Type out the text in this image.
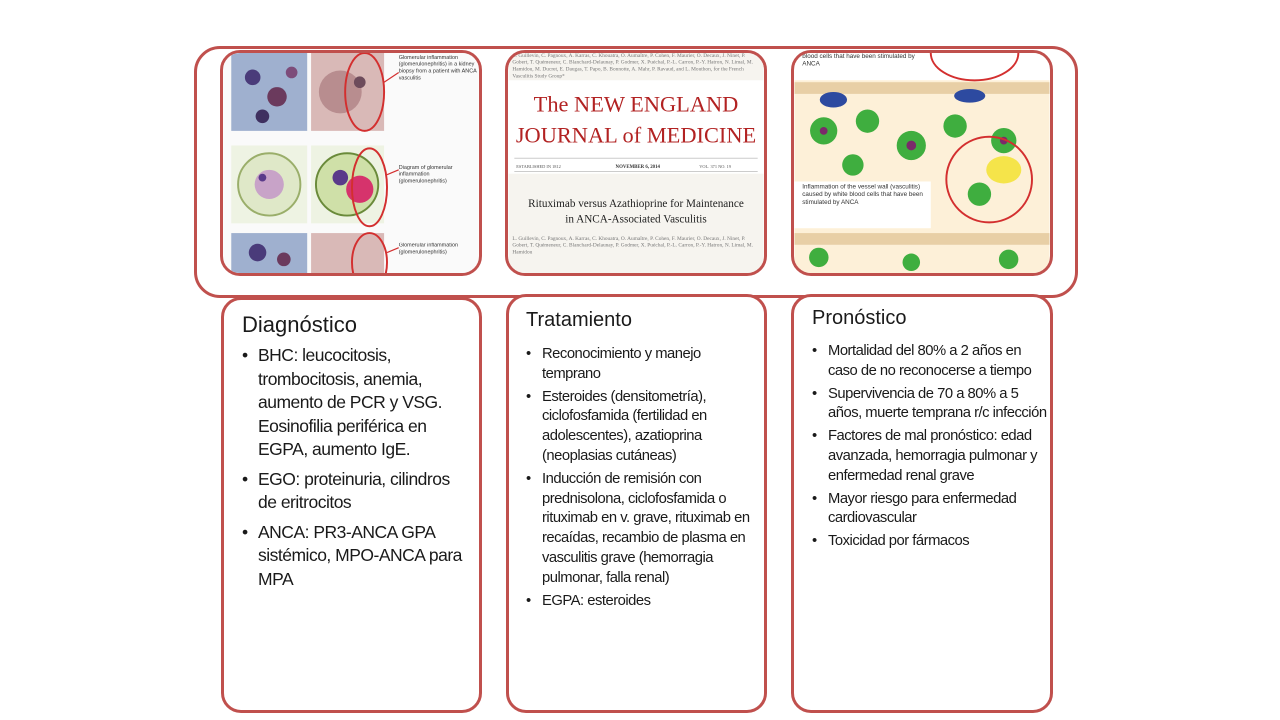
Glomerular inflammation (glomerulonephritis) in a kidney biopsy from a patient with ANCA vasculitis
Diagram of glomerular inflammation (glomerulonephritis)
Glomerular inflammation (glomerulonephritis)
L. Guillevin, C. Pagnoux, A. Karras, C. Khouatra, O. Aumaître, P. Cohen, F. Maurier, O. Decaux, J. Ninet, P. Gobert, T. Quémeneur, C. Blanchard-Delaunay, P. Godmer, X. Puéchal, P.-L. Carron, P.-Y. Hatron, N. Limal, M. Hamidou, M. Ducret, E. Daugas, T. Papo, B. Bonnotte, A. Mahr, P. Ravaud, and L. Mouthon, for the French Vasculitis Study Group*
The NEW ENGLAND
JOURNAL of MEDICINE
ESTABLISHED IN 1812	NOVEMBER 6, 2014	VOL. 371 NO. 19
Rituximab versus Azathioprine for Maintenance
in ANCA-Associated Vasculitis
L. Guillevin, C. Pagnoux, A. Karras, C. Khouatra, O. Aumaître, P. Cohen, F. Maurier, O. Decaux, J. Ninet, P. Gobert, T. Quémeneur, C. Blanchard-Delaunay, P. Godmer, X. Puéchal, P.-L. Carron, P.-Y. Hatron, N. Limal, M. Hamidou
blood cells that have been stimulated by ANCA
Inflammation of the vessel wall (vasculitis) caused by white blood cells that have been stimulated by ANCA
Diagnóstico
• BHC: leucocitosis, trombocitosis, anemia, aumento de PCR y VSG. Eosinofilia periférica en EGPA, aumento IgE.
• EGO: proteinuria, cilindros de eritrocitos
• ANCA: PR3-ANCA GPA sistémico, MPO-ANCA para MPA
Tratamiento
• Reconocimiento y manejo temprano
• Esteroides (densitometría), ciclofosfamida (fertilidad en adolescentes), azatioprina (neoplasias cutáneas)
• Inducción de remisión con prednisolona, ciclofosfamida o rituximab en v. grave, rituximab en recaídas, recambio de plasma en vasculitis grave (hemorragia pulmonar, falla renal)
• EGPA: esteroides
Pronóstico
• Mortalidad del 80% a 2 años en caso de no reconocerse a tiempo
• Supervivencia de 70 a 80% a 5 años, muerte temprana r/c infección
• Factores de mal pronóstico: edad avanzada, hemorragia pulmonar y enfermedad renal grave
• Mayor riesgo para enfermedad cardiovascular
• Toxicidad por fármacos
